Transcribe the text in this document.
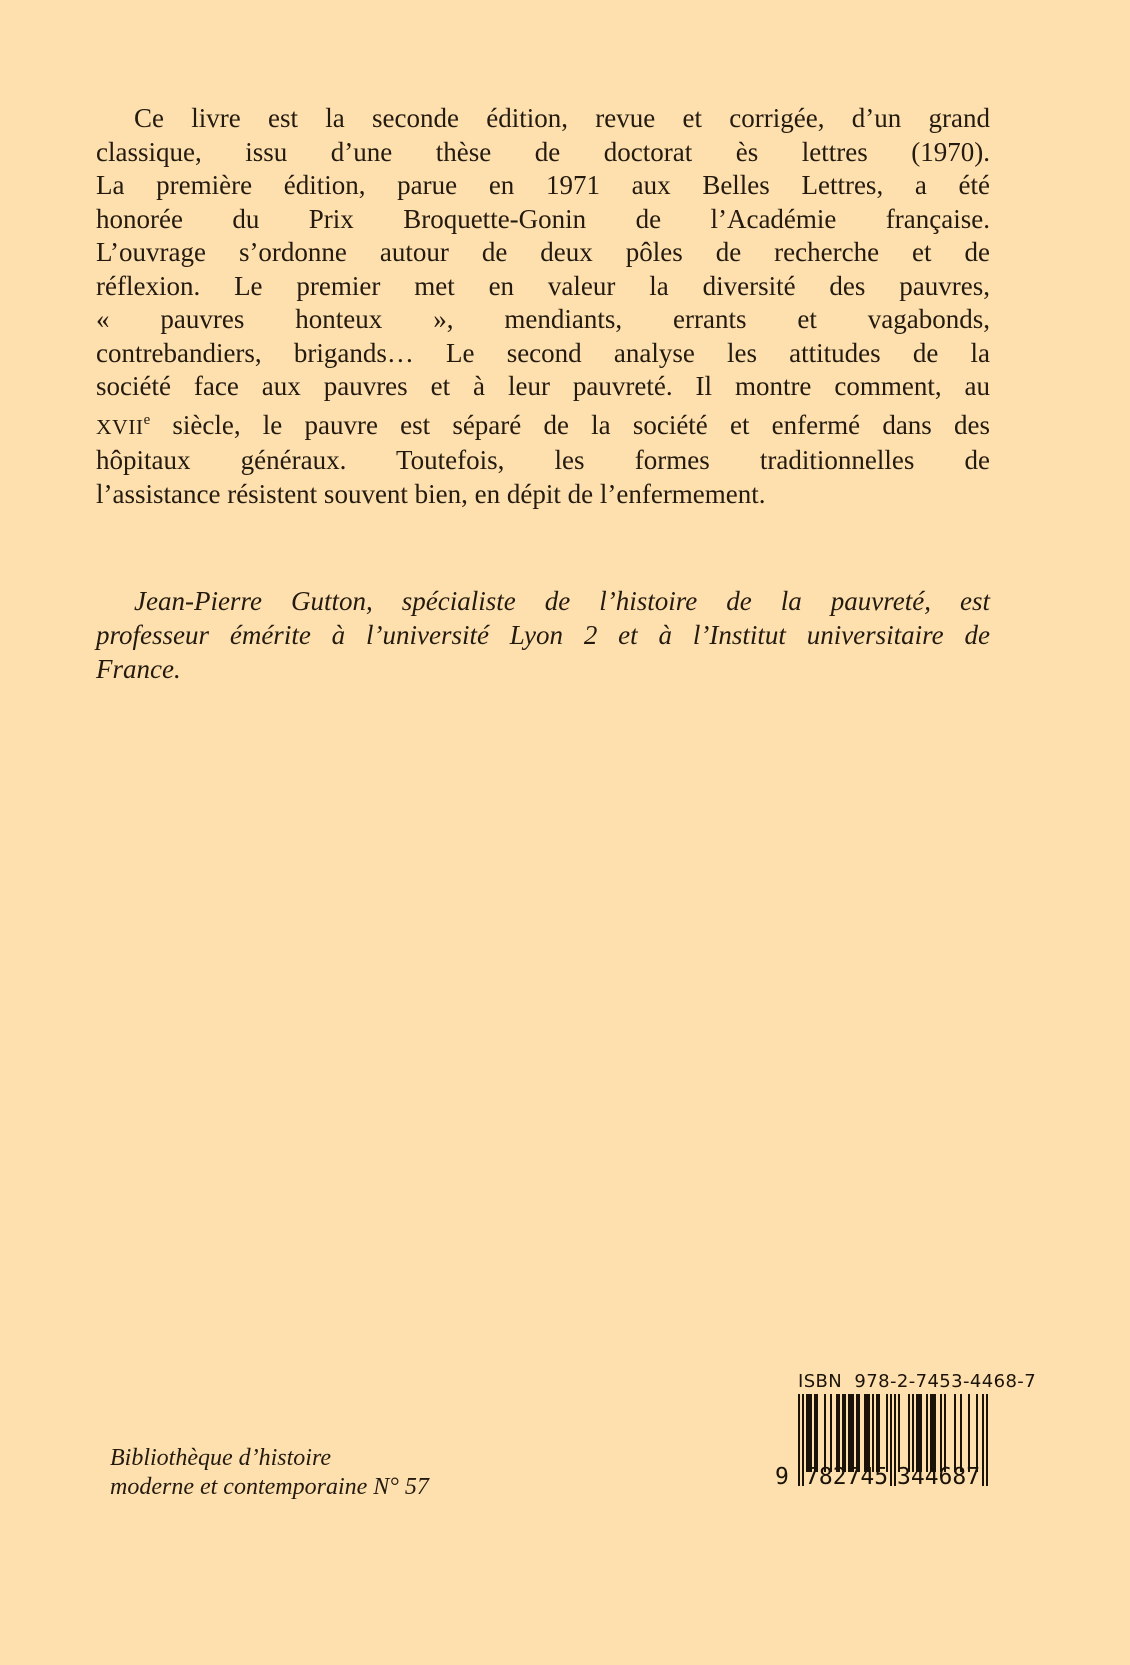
Ce livre est la seconde édition, revue et corrigée, d’un grand
classique, issu d’une thèse de doctorat ès lettres (1970).
La première édition, parue en 1971 aux Belles Lettres, a été
honorée du Prix Broquette-Gonin de l’Académie française.
L’ouvrage s’ordonne autour de deux pôles de recherche et de
réflexion. Le premier met en valeur la diversité des pauvres,
« pauvres honteux », mendiants, errants et vagabonds,
contrebandiers, brigands… Le second analyse les attitudes de la
société face aux pauvres et à leur pauvreté. Il montre comment, au
XVIIe siècle, le pauvre est séparé de la société et enfermé dans des
hôpitaux généraux. Toutefois, les formes traditionnelles de
l’assistance résistent souvent bien, en dépit de l’enfermement.
Jean-Pierre Gutton, spécialiste de l’histoire de la pauvreté, est
professeur émérite à l’université Lyon 2 et à l’Institut universitaire de
France.
Bibliothèque d’histoire
moderne et contemporaine N° 57
ISBN  978-2-7453-4468-7
9 782745 344687
